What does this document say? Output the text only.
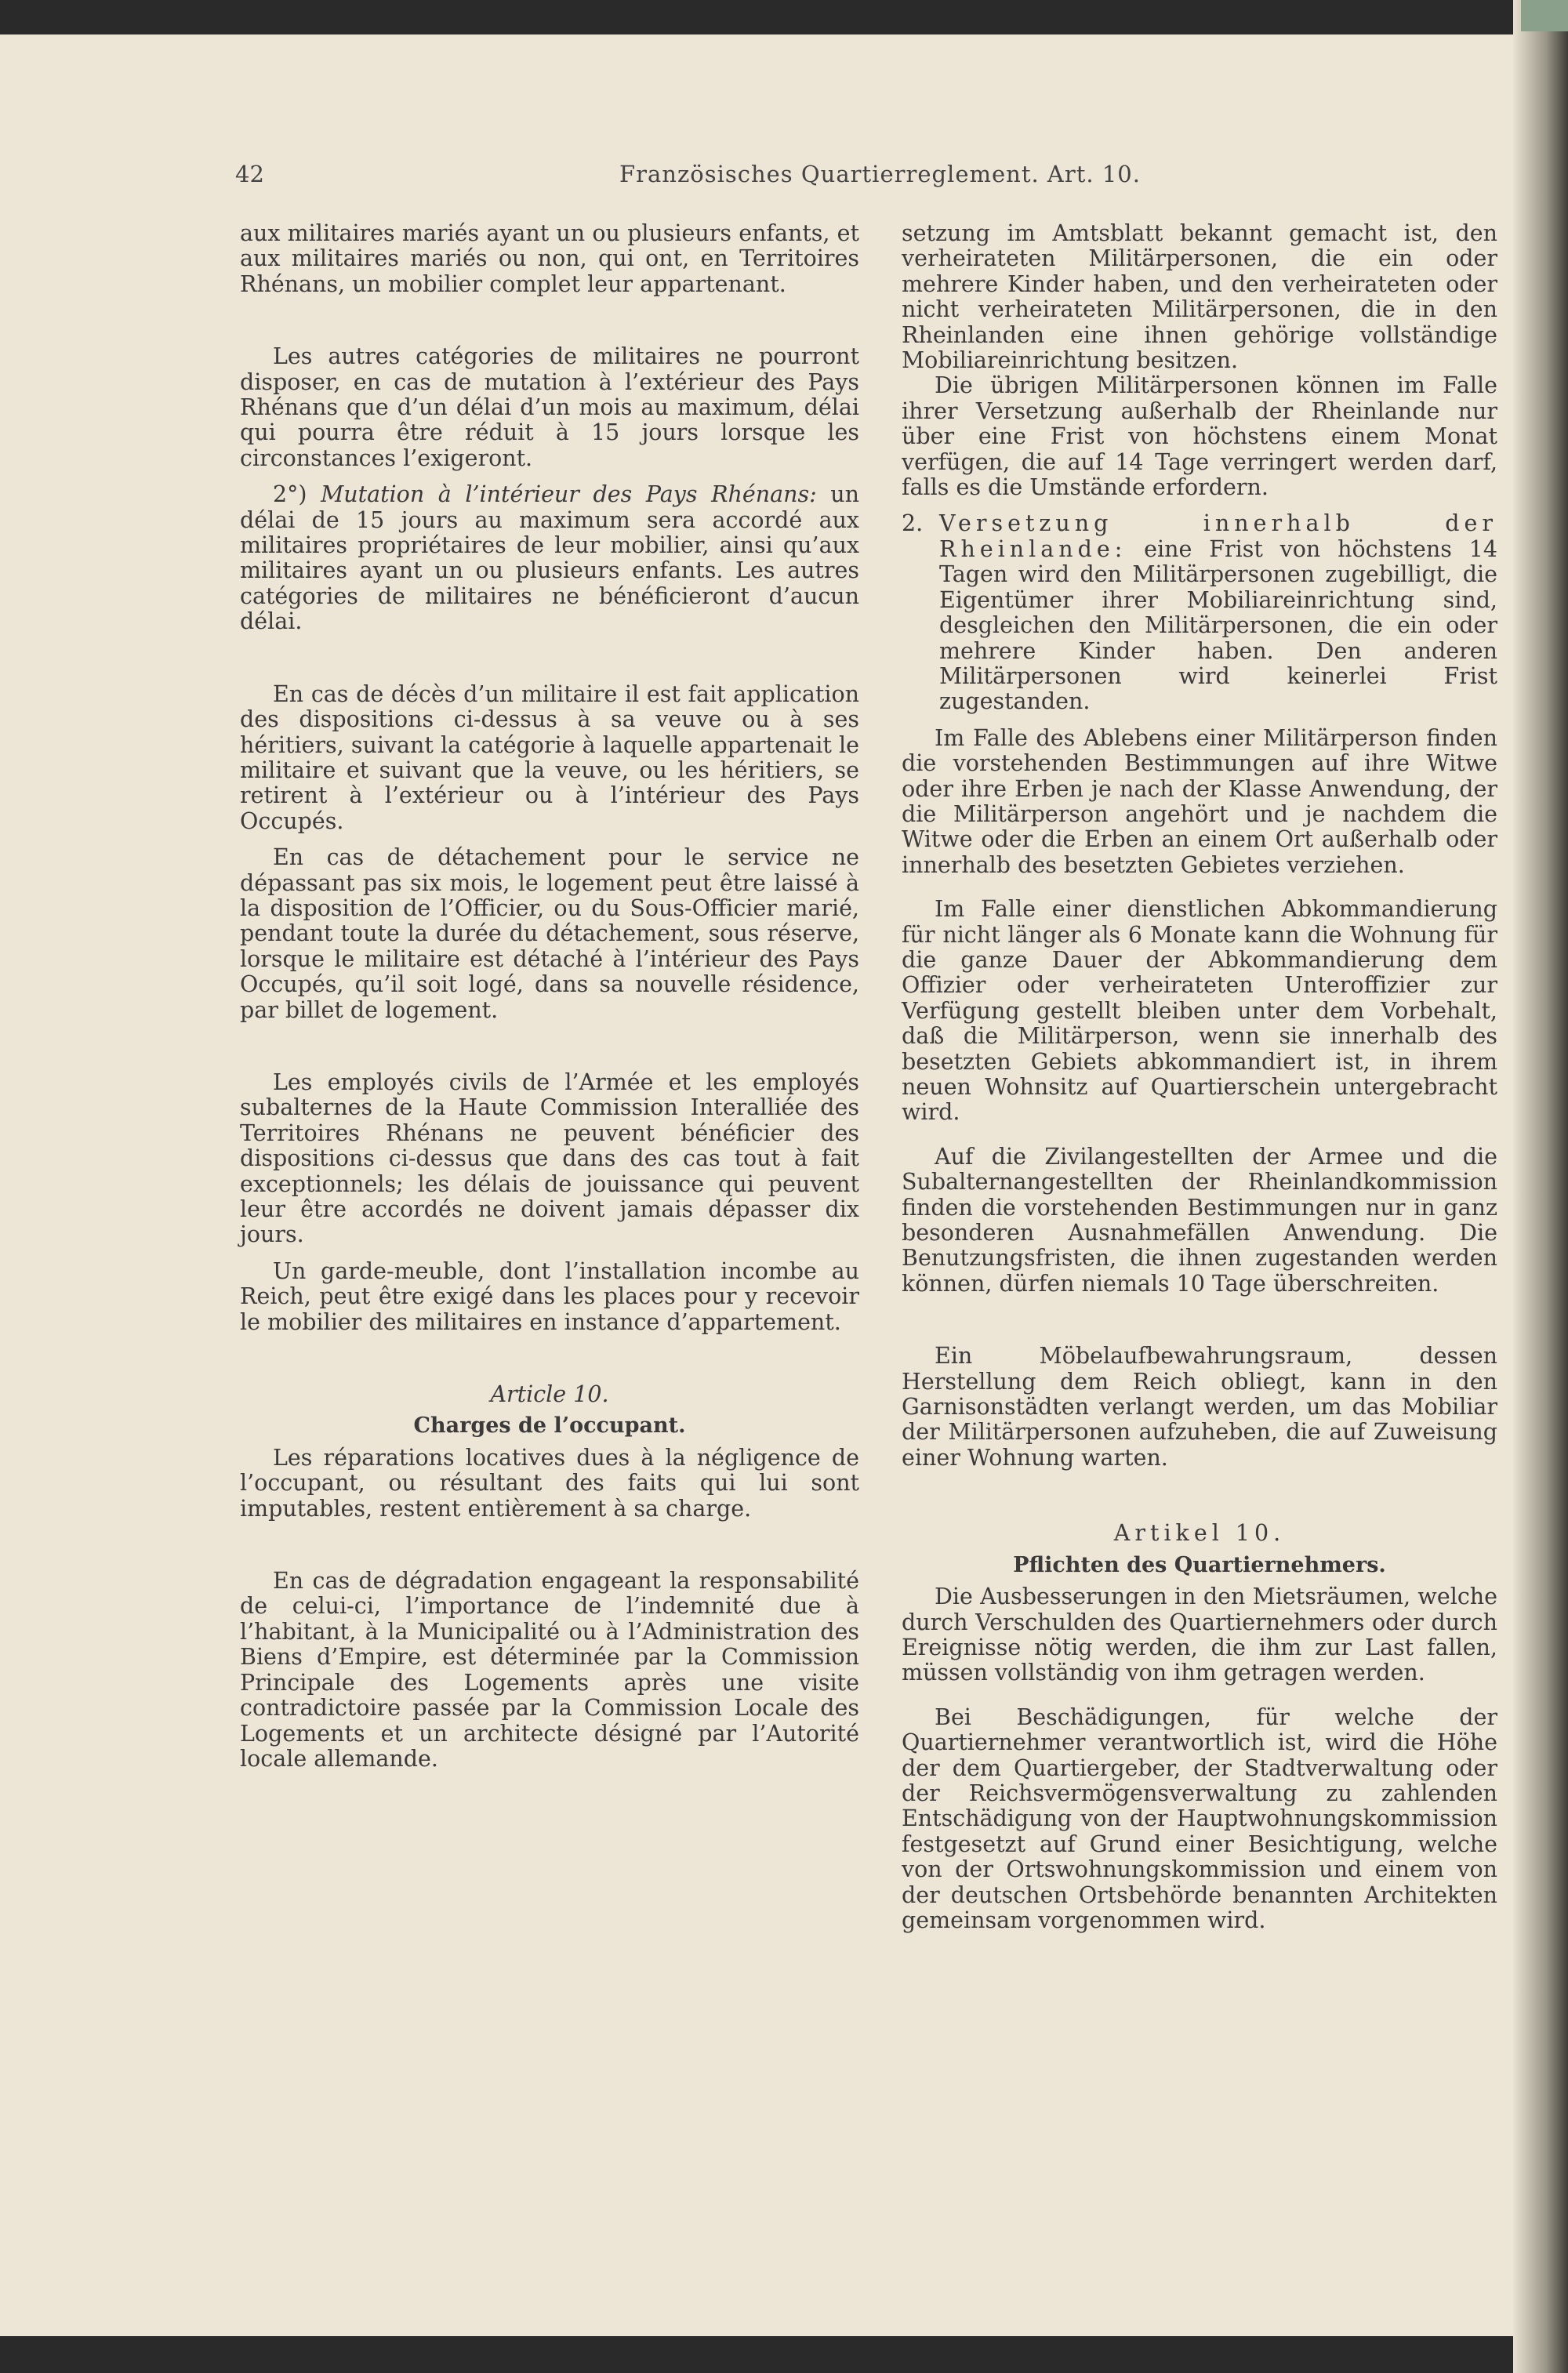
42	Französisches Quartierreglement. Art. 10.

aux militaires mariés ayant un ou plusieurs enfants, et aux militaires mariés ou non, qui ont, en Territoires Rhénans, un mobilier complet leur appartenant.

Les autres catégories de militaires ne pourront disposer, en cas de mutation à l’extérieur des Pays Rhénans que d’un délai d’un mois au maximum, délai qui pourra être réduit à 15 jours lorsque les circonstances l’exigeront.

2°) Mutation à l’intérieur des Pays Rhénans: un délai de 15 jours au maximum sera accordé aux militaires propriétaires de leur mobilier, ainsi qu’aux militaires ayant un ou plusieurs enfants. Les autres catégories de militaires ne bénéficieront d’aucun délai.

En cas de décès d’un militaire il est fait application des dispositions ci-dessus à sa veuve ou à ses héritiers, suivant la catégorie à laquelle appartenait le militaire et suivant que la veuve, ou les héritiers, se retirent à l’extérieur ou à l’intérieur des Pays Occupés.

En cas de détachement pour le service ne dépassant pas six mois, le logement peut être laissé à la disposition de l’Officier, ou du Sous-Officier marié, pendant toute la durée du détachement, sous réserve, lorsque le militaire est détaché à l’intérieur des Pays Occupés, qu’il soit logé, dans sa nouvelle résidence, par billet de logement.

Les employés civils de l’Armée et les employés subalternes de la Haute Commission Interalliée des Territoires Rhénans ne peuvent bénéficier des dispositions ci-dessus que dans des cas tout à fait exceptionnels; les délais de jouissance qui peuvent leur être accordés ne doivent jamais dépasser dix jours.

Un garde-meuble, dont l’installation incombe au Reich, peut être exigé dans les places pour y recevoir le mobilier des militaires en instance d’appartement.

Article 10.
Charges de l’occupant.

Les réparations locatives dues à la négligence de l’occupant, ou résultant des faits qui lui sont imputables, restent entièrement à sa charge.

En cas de dégradation engageant la responsabilité de celui-ci, l’importance de l’indemnité due à l’habitant, à la Municipalité ou à l’Administration des Biens d’Empire, est déterminée par la Commission Principale des Logements après une visite contradictoire passée par la Commission Locale des Logements et un architecte désigné par l’Autorité locale allemande.

setzung im Amtsblatt bekannt gemacht ist, den verheirateten Militärpersonen, die ein oder mehrere Kinder haben, und den verheirateten oder nicht verheirateten Militärpersonen, die in den Rheinlanden eine ihnen gehörige vollständige Mobiliareinrichtung besitzen.

Die übrigen Militärpersonen können im Falle ihrer Versetzung außerhalb der Rheinlande nur über eine Frist von höchstens einem Monat verfügen, die auf 14 Tage verringert werden darf, falls es die Umstände erfordern.

2. Versetzung innerhalb der Rheinlande: eine Frist von höchstens 14 Tagen wird den Militärpersonen zugebilligt, die Eigentümer ihrer Mobiliareinrichtung sind, desgleichen den Militärpersonen, die ein oder mehrere Kinder haben. Den anderen Militärpersonen wird keinerlei Frist zugestanden.

Im Falle des Ablebens einer Militärperson finden die vorstehenden Bestimmungen auf ihre Witwe oder ihre Erben je nach der Klasse Anwendung, der die Militärperson angehört und je nachdem die Witwe oder die Erben an einem Ort außerhalb oder innerhalb des besetzten Gebietes verziehen.

Im Falle einer dienstlichen Abkommandierung für nicht länger als 6 Monate kann die Wohnung für die ganze Dauer der Abkommandierung dem Offizier oder verheirateten Unteroffizier zur Verfügung gestellt bleiben unter dem Vorbehalt, daß die Militärperson, wenn sie innerhalb des besetzten Gebiets abkommandiert ist, in ihrem neuen Wohnsitz auf Quartierschein untergebracht wird.

Auf die Zivilangestellten der Armee und die Subalternangestellten der Rheinlandkommission finden die vorstehenden Bestimmungen nur in ganz besonderen Ausnahmefällen Anwendung. Die Benutzungsfristen, die ihnen zugestanden werden können, dürfen niemals 10 Tage überschreiten.

Ein Möbelaufbewahrungsraum, dessen Herstellung dem Reich obliegt, kann in den Garnisonstädten verlangt werden, um das Mobiliar der Militärpersonen aufzuheben, die auf Zuweisung einer Wohnung warten.

Artikel 10.
Pflichten des Quartiernehmers.

Die Ausbesserungen in den Mietsräumen, welche durch Verschulden des Quartiernehmers oder durch Ereignisse nötig werden, die ihm zur Last fallen, müssen vollständig von ihm getragen werden.

Bei Beschädigungen, für welche der Quartiernehmer verantwortlich ist, wird die Höhe der dem Quartiergeber, der Stadtverwaltung oder der Reichsvermögensverwaltung zu zahlenden Entschädigung von der Hauptwohnungskommission festgesetzt auf Grund einer Besichtigung, welche von der Ortswohnungskommission und einem von der deutschen Ortsbehörde benannten Architekten gemeinsam vorgenommen wird.
